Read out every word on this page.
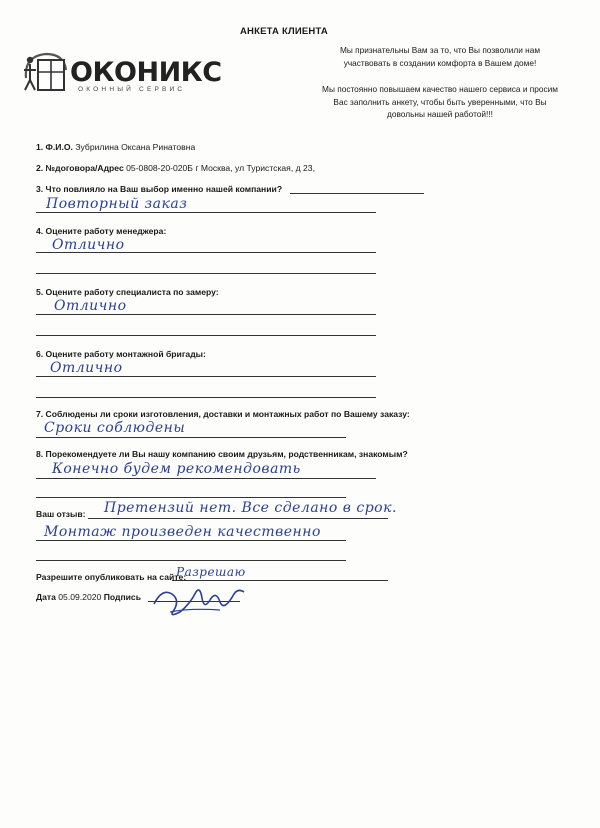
АНКЕТА КЛИЕНТА
ОКОНИКС
ОКОННЫЙ СЕРВИС
Мы признательны Вам за то, что Вы позволили нам участвовать в создании комфорта в Вашем доме!
Мы постоянно повышаем качество нашего сервиса и просим Вас заполнить анкету, чтобы быть уверенными, что Вы довольны нашей работой!!!
1. Ф.И.О. Зубрилина Оксана Ринатовна
2. №договора/Адрес 05-0808-20-020Б г Москва, ул Туристская, д 23,
3. Что повлияло на Ваш выбор именно нашей компании?
Повторный заказ
4. Оцените работу менеджера:
Отлично
5. Оцените работу специалиста по замеру:
Отлично
6. Оцените работу монтажной бригады:
Отлично
7. Соблюдены ли сроки изготовления, доставки и монтажных работ по Вашему заказу:
Сроки соблюдены
8. Порекомендуете ли Вы нашу компанию своим друзьям, родственникам, знакомым?
Конечно будем рекомендовать
Ваш отзыв: Претензий нет. Все сделано в срок.
Монтаж произведен качественно
Разрешите опубликовать на сайте:
Разрешаю
Дата 05.09.2020 Подпись
